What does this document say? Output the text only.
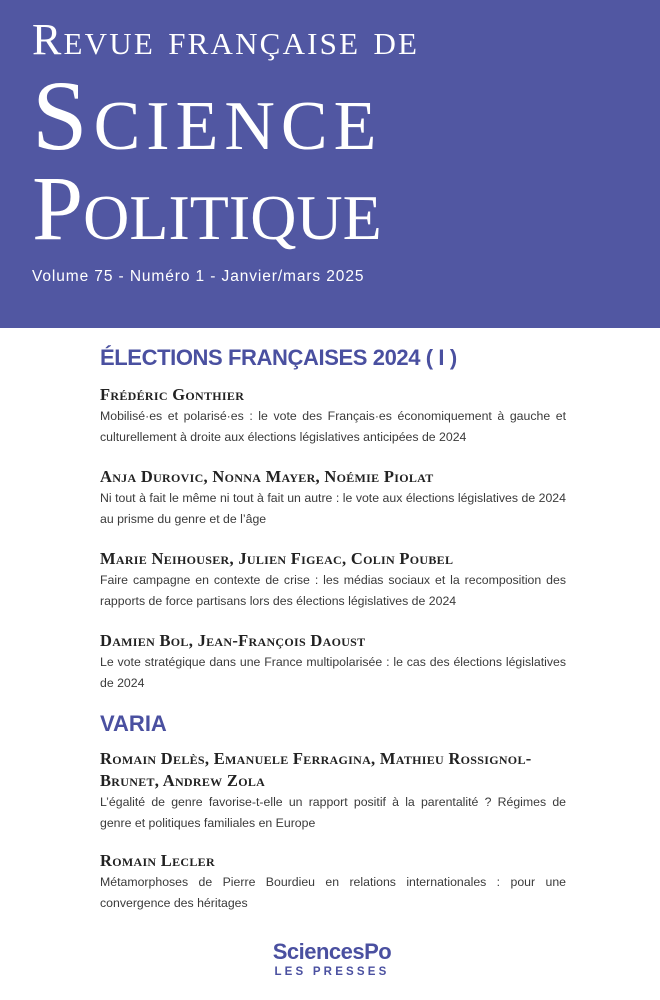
Revue française de
Science
Politique
Volume 75 - Numéro 1 - Janvier/mars 2025
ÉLECTIONS FRANÇAISES 2024 ( I )

Frédéric Gonthier

Mobilisé·es et polarisé·es : le vote des Français·es économiquement à gauche et culturellement à droite aux élections législatives anticipées de 2024

Anja Durovic, Nonna Mayer, Noémie Piolat

Ni tout à fait le même ni tout à fait un autre : le vote aux élections législatives de 2024 au prisme du genre et de l’âge

Marie Neihouser, Julien Figeac, Colin Poubel

Faire campagne en contexte de crise : les médias sociaux et la recomposition des rapports de force partisans lors des élections législatives de 2024

Damien Bol, Jean-François Daoust

Le vote stratégique dans une France multipolarisée : le cas des élections législatives de 2024

VARIA

Romain Delès, Emanuele Ferragina, Mathieu Rossignol-Brunet, Andrew Zola

L’égalité de genre favorise-t-elle un rapport positif à la parentalité ? Régimes de genre et politiques familiales en Europe

Romain Lecler

Métamorphoses de Pierre Bourdieu en relations internationales : pour une convergence des héritages

SciencesPo
LES PRESSES
